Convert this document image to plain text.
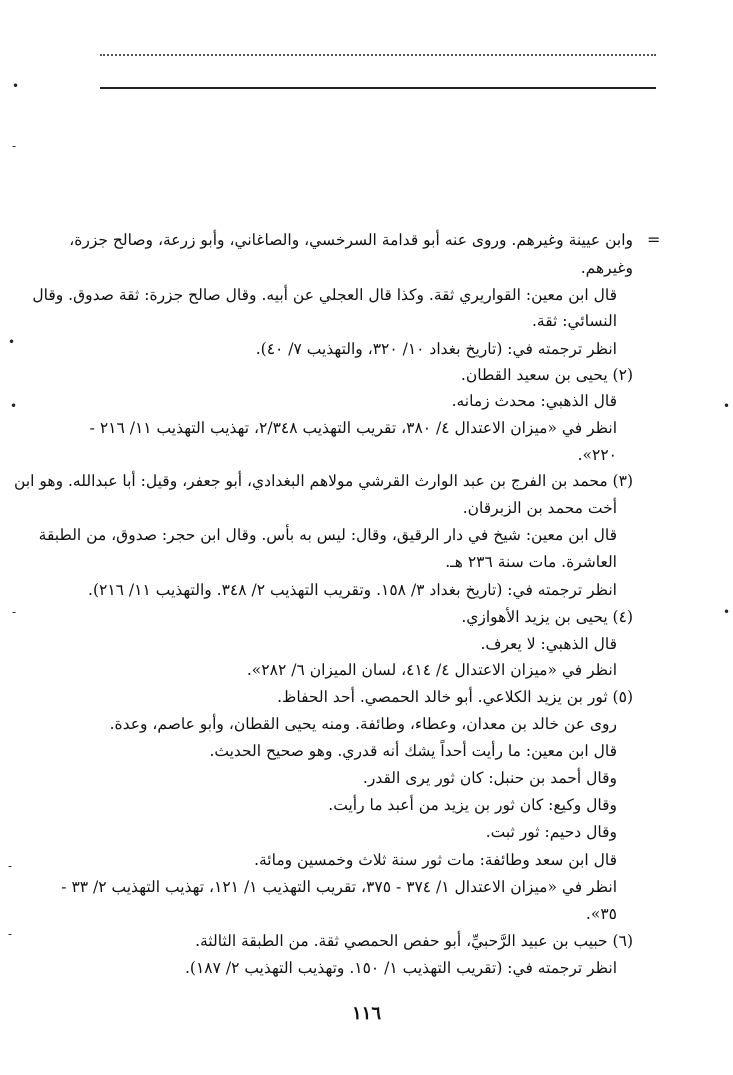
•
-
•
•
-
-
-
•
•
=
وابن عيينة وغيرهم. وروى عنه أبو قدامة السرخسي، والصاغاني، وأبو زرعة، وصالح جزرة،
وغيرهم.
قال ابن معين: القواريري ثقة. وكذا قال العجلي عن أبيه. وقال صالح جزرة: ثقة صدوق. وقال
النسائي: ثقة.
انظر ترجمته في: (تاريخ بغداد ١٠/ ٣٢٠، والتهذيب ٧/ ٤٠).
(٢) يحيى بن سعيد القطان.
قال الذهبي: محدث زمانه.
انظر في «ميزان الاعتدال ٤/ ٣٨٠، تقريب التهذيب ٢/٣٤٨، تهذيب التهذيب ١١/ ٢١٦ -
٢٢٠».
(٣) محمد بن الفرج بن عبد الوارث القرشي مولاهم البغدادي، أبو جعفر، وقيل: أبا عبدالله. وهو ابن
أخت محمد بن الزبرقان.
قال ابن معين: شيخ في دار الرقيق، وقال: ليس به بأس. وقال ابن حجر: صدوق، من الطبقة
العاشرة. مات سنة ٢٣٦ هـ.
انظر ترجمته في: (تاريخ بغداد ٣/ ١٥٨. وتقريب التهذيب ٢/ ٣٤٨. والتهذيب ١١/ ٢١٦).
(٤) يحيى بن يزيد الأهوازي.
قال الذهبي: لا يعرف.
انظر في «ميزان الاعتدال ٤/ ٤١٤، لسان الميزان ٦/ ٢٨٢».
(٥) ثور بن يزيد الكلاعي. أبو خالد الحمصي. أحد الحفاظ.
روى عن خالد بن معدان، وعطاء، وطائفة. ومنه يحيى القطان، وأبو عاصم، وعدة.
قال ابن معين: ما رأيت أحداً يشك أنه قدري. وهو صحيح الحديث.
وقال أحمد بن حنبل: كان ثور يرى القدر.
وقال وكيع: كان ثور بن يزيد من أعبد ما رأيت.
وقال دحيم: ثور ثبت.
قال ابن سعد وطائفة: مات ثور سنة ثلاث وخمسين ومائة.
انظر في «ميزان الاعتدال ١/ ٣٧٤ - ٣٧٥، تقريب التهذيب ١/ ١٢١، تهذيب التهذيب ٢/ ٣٣ -
٣٥».
(٦) حبيب بن عبيد الرَّحبيِّ، أبو حفص الحمصي ثقة. من الطبقة الثالثة.
انظر ترجمته في: (تقريب التهذيب ١/ ١٥٠. وتهذيب التهذيب ٢/ ١٨٧).
١١٦
